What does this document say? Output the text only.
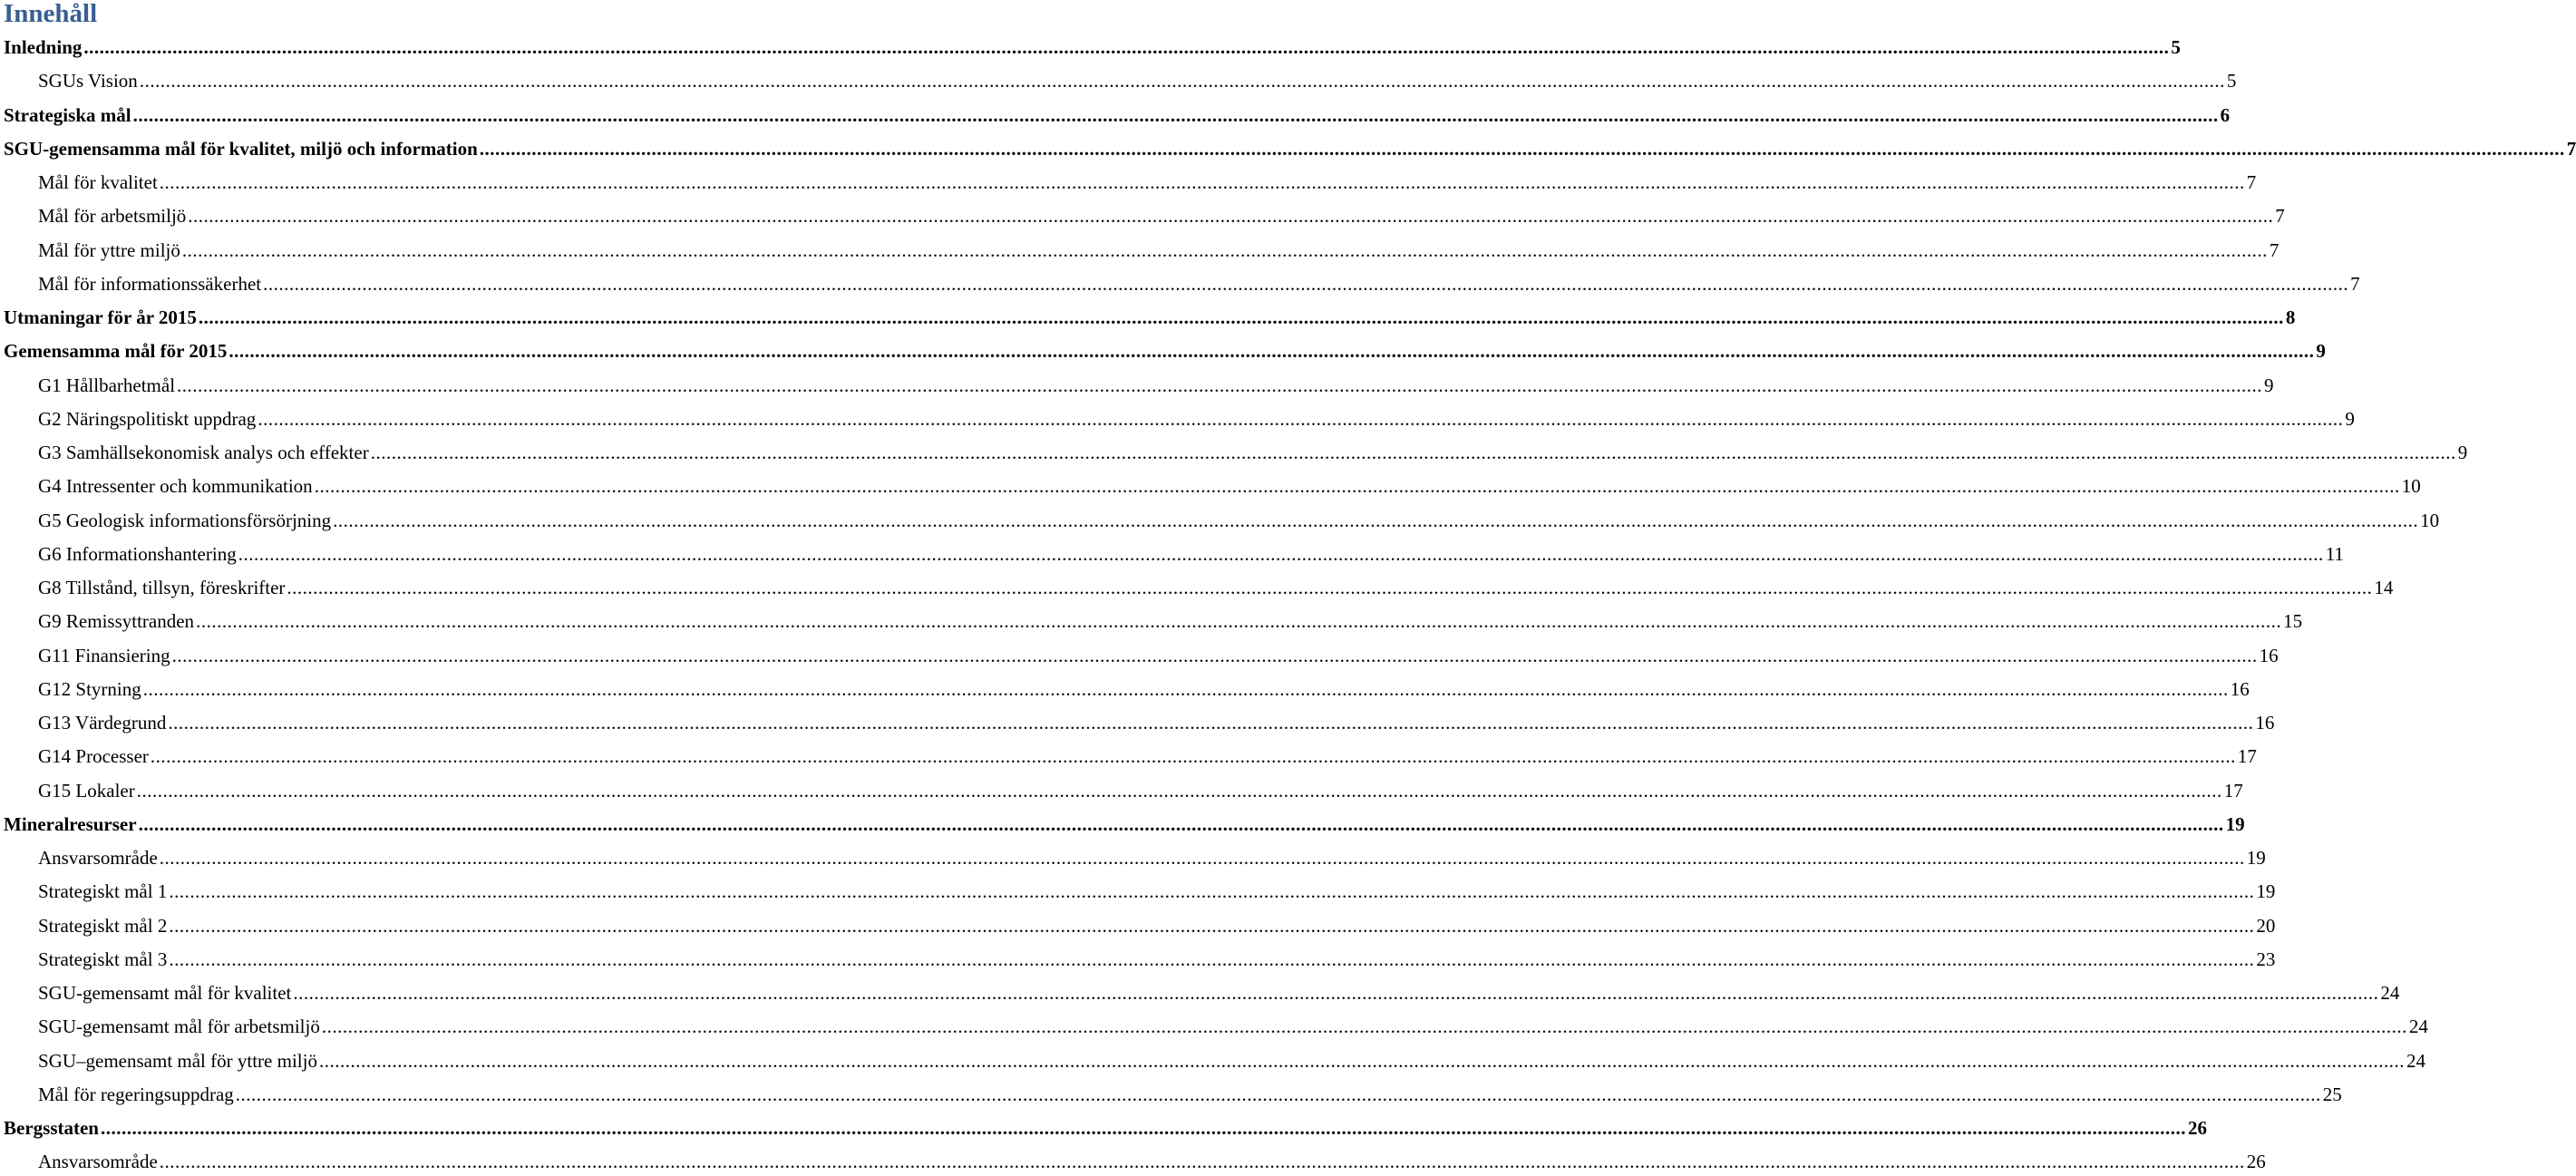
Innehåll
Inledning ................................................................................................................................................................................................................................................................................................................................................................................................................ 5
SGUs Vision ................................................................................................................................................................................................................................................................................................................................................................................................................ 5
Strategiska mål ................................................................................................................................................................................................................................................................................................................................................................................................................ 6
SGU-gemensamma mål för kvalitet, miljö och information ................................................................................................................................................................................................................................................................................................................................................................................................................ 7
Mål för kvalitet ................................................................................................................................................................................................................................................................................................................................................................................................................ 7
Mål för arbetsmiljö ................................................................................................................................................................................................................................................................................................................................................................................................................ 7
Mål för yttre miljö ................................................................................................................................................................................................................................................................................................................................................................................................................ 7
Mål för informationssäkerhet ................................................................................................................................................................................................................................................................................................................................................................................................................ 7
Utmaningar för år 2015 ................................................................................................................................................................................................................................................................................................................................................................................................................ 8
Gemensamma mål för 2015 ................................................................................................................................................................................................................................................................................................................................................................................................................ 9
G1 Hållbarhetmål ................................................................................................................................................................................................................................................................................................................................................................................................................ 9
G2 Näringspolitiskt uppdrag ................................................................................................................................................................................................................................................................................................................................................................................................................ 9
G3 Samhällsekonomisk analys och effekter ................................................................................................................................................................................................................................................................................................................................................................................................................ 9
G4 Intressenter och kommunikation ................................................................................................................................................................................................................................................................................................................................................................................................................ 10
G5 Geologisk informationsförsörjning ................................................................................................................................................................................................................................................................................................................................................................................................................ 10
G6 Informationshantering ................................................................................................................................................................................................................................................................................................................................................................................................................ 11
G8 Tillstånd, tillsyn, föreskrifter ................................................................................................................................................................................................................................................................................................................................................................................................................ 14
G9 Remissyttranden ................................................................................................................................................................................................................................................................................................................................................................................................................ 15
G11 Finansiering ................................................................................................................................................................................................................................................................................................................................................................................................................ 16
G12 Styrning ................................................................................................................................................................................................................................................................................................................................................................................................................ 16
G13 Värdegrund ................................................................................................................................................................................................................................................................................................................................................................................................................ 16
G14 Processer ................................................................................................................................................................................................................................................................................................................................................................................................................ 17
G15 Lokaler ................................................................................................................................................................................................................................................................................................................................................................................................................ 17
Mineralresurser ................................................................................................................................................................................................................................................................................................................................................................................................................ 19
Ansvarsområde ................................................................................................................................................................................................................................................................................................................................................................................................................ 19
Strategiskt mål 1 ................................................................................................................................................................................................................................................................................................................................................................................................................ 19
Strategiskt mål 2 ................................................................................................................................................................................................................................................................................................................................................................................................................ 20
Strategiskt mål 3 ................................................................................................................................................................................................................................................................................................................................................................................................................ 23
SGU-gemensamt mål för kvalitet ................................................................................................................................................................................................................................................................................................................................................................................................................ 24
SGU-gemensamt mål för arbetsmiljö ................................................................................................................................................................................................................................................................................................................................................................................................................ 24
SGU–gemensamt mål för yttre miljö ................................................................................................................................................................................................................................................................................................................................................................................................................ 24
Mål för regeringsuppdrag ................................................................................................................................................................................................................................................................................................................................................................................................................ 25
Bergsstaten ................................................................................................................................................................................................................................................................................................................................................................................................................ 26
Ansvarsområde ................................................................................................................................................................................................................................................................................................................................................................................................................ 26
